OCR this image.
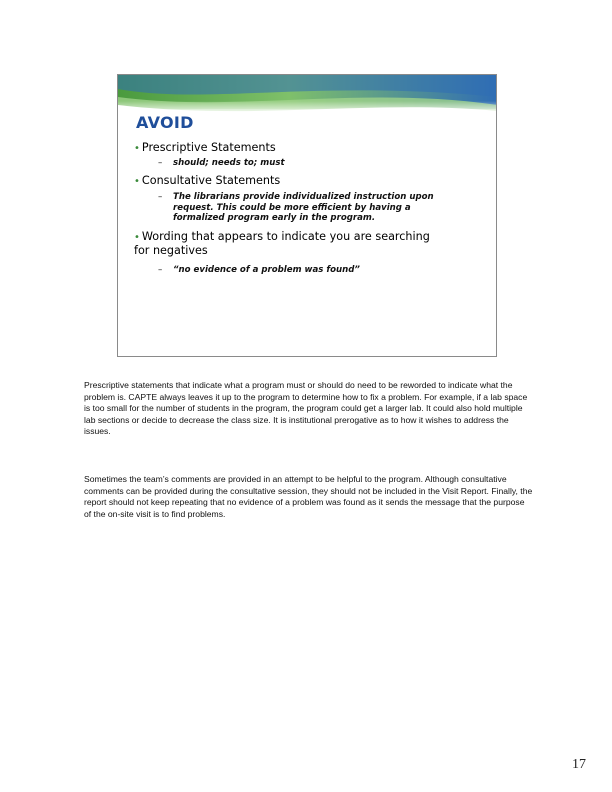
AVOID
• Prescriptive Statements
– should; needs to; must
• Consultative Statements
– The librarians provide individualized instruction upon request. This could be more efficient by having a formalized program early in the program.
• Wording that appears to indicate you are searching for negatives
– “no evidence of a problem was found”

Prescriptive statements that indicate what a program must or should do need to be reworded to indicate what the problem is. CAPTE always leaves it up to the program to determine how to fix a problem. For example, if a lab space is too small for the number of students in the program, the program could get a larger lab. It could also hold multiple lab sections or decide to decrease the class size. It is institutional prerogative as to how it wishes to address the issues.

Sometimes the team’s comments are provided in an attempt to be helpful to the program. Although consultative comments can be provided during the consultative session, they should not be included in the Visit Report. Finally, the report should not keep repeating that no evidence of a problem was found as it sends the message that the purpose of the on-site visit is to find problems.

17
